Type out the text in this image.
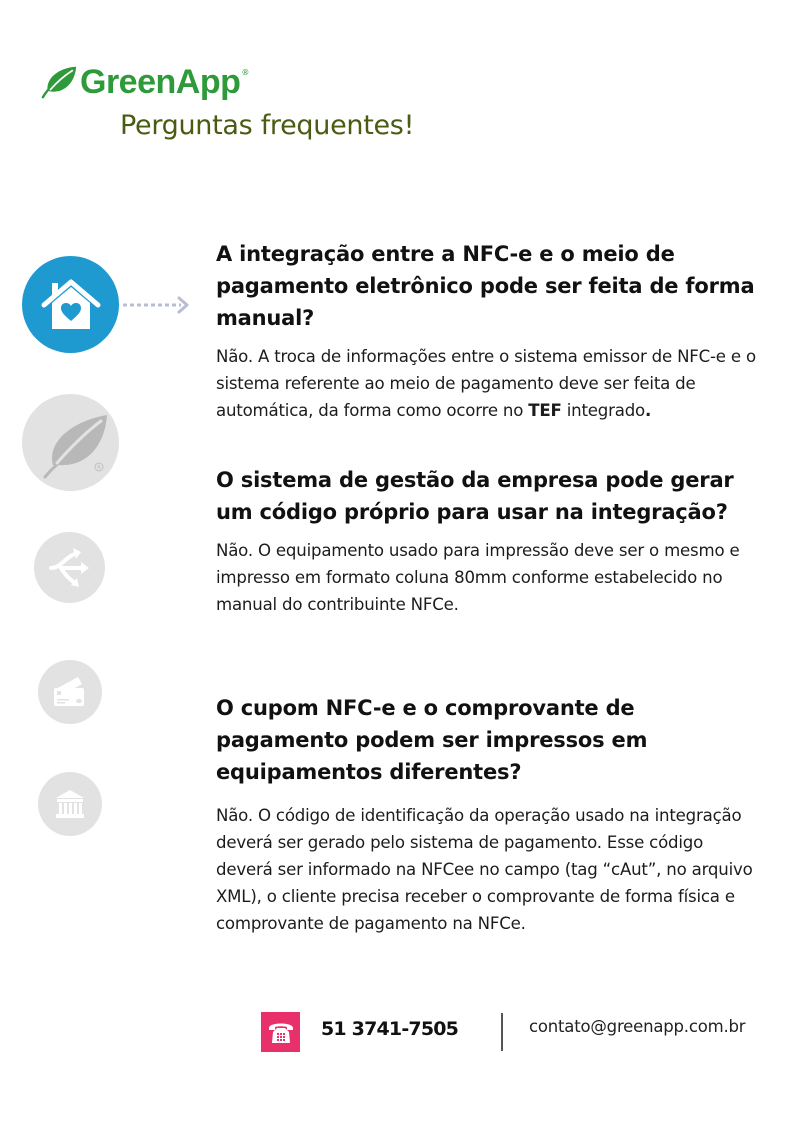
GreenApp ®
Perguntas frequentes!
R
A integração entre a NFC-e e o meio de pagamento eletrônico pode ser feita de forma manual?

Não. A troca de informações entre o sistema emissor de NFC-e e o sistema referente ao meio de pagamento deve ser feita de automática, da forma como ocorre no TEF integrado.

O sistema de gestão da empresa pode gerar um código próprio para usar na integração?

Não. O equipamento usado para impressão deve ser o mesmo e impresso em formato coluna 80mm conforme estabelecido no manual do contribuinte NFCe.

O cupom NFC-e e o comprovante de pagamento podem ser impressos em equipamentos diferentes?

Não. O código de identificação da operação usado na integração deverá ser gerado pelo sistema de pagamento. Esse código deverá ser informado na NFCee no campo (tag “cAut”, no arquivo XML), o cliente precisa receber o comprovante de forma física e comprovante de pagamento na NFCe.

51 3741-7505	contato@greenapp.com.br
